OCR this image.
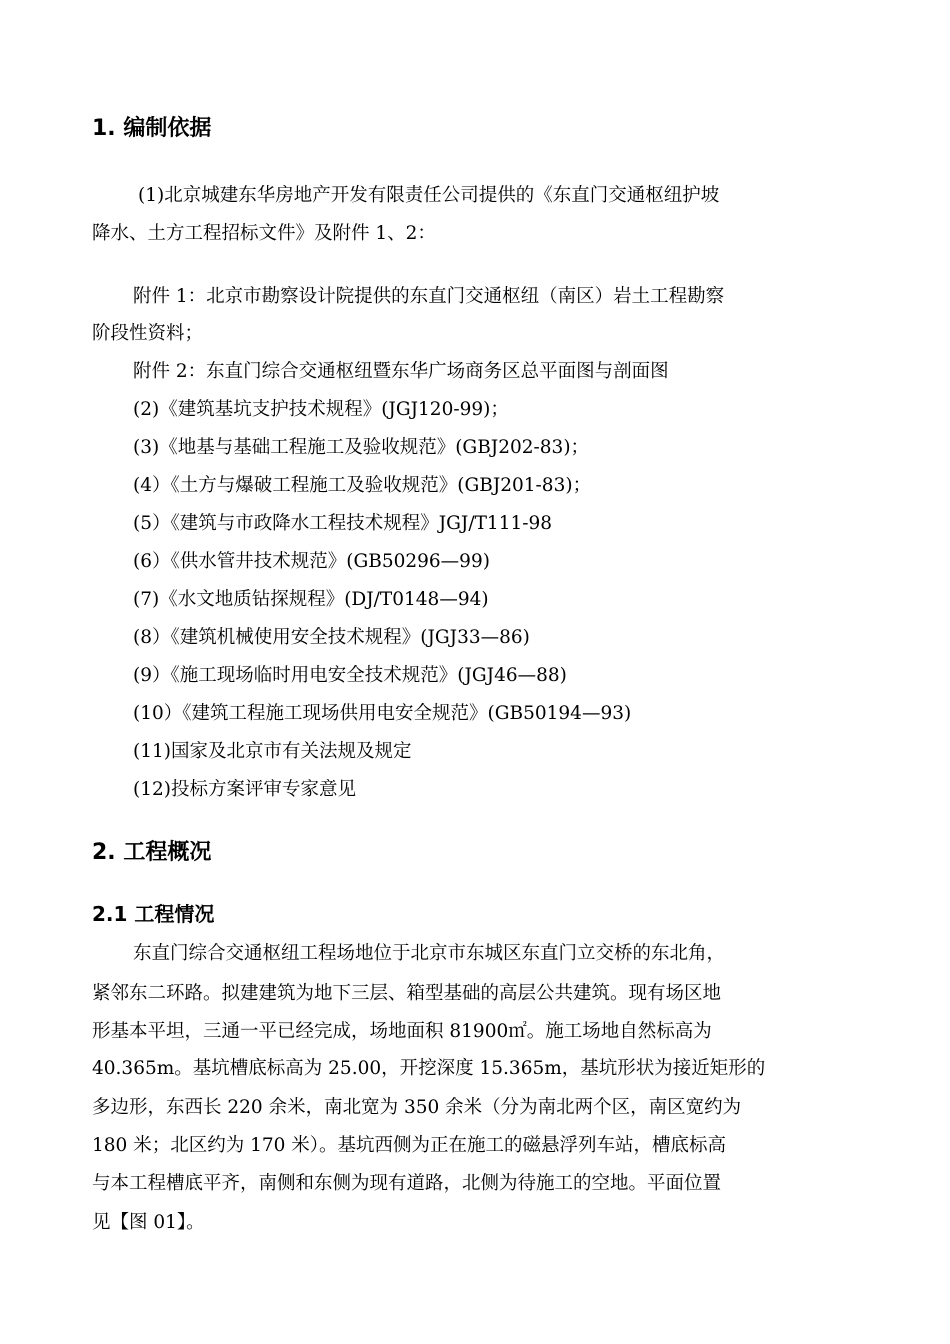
1. 编制依据
(1)北京城建东华房地产开发有限责任公司提供的《东直门交通枢纽护坡
降水、土方工程招标文件》及附件 1、2：
附件 1：北京市勘察设计院提供的东直门交通枢纽（南区）岩土工程勘察
阶段性资料；
附件 2：东直门综合交通枢纽暨东华广场商务区总平面图与剖面图
(2)《建筑基坑支护技术规程》(JGJ120-99)；
(3)《地基与基础工程施工及验收规范》(GBJ202-83)；
(4）《土方与爆破工程施工及验收规范》(GBJ201-83)；
(5）《建筑与市政降水工程技术规程》JGJ/T111-98
(6）《供水管井技术规范》(GB50296—99)
(7)《水文地质钻探规程》(DJ/T0148—94)
(8）《建筑机械使用安全技术规程》(JGJ33—86)
(9）《施工现场临时用电安全技术规范》(JGJ46—88)
(10）《建筑工程施工现场供用电安全规范》(GB50194—93)
(11)国家及北京市有关法规及规定
(12)投标方案评审专家意见
2. 工程概况
2.1 工程情况
东直门综合交通枢纽工程场地位于北京市东城区东直门立交桥的东北角，
紧邻东二环路。拟建建筑为地下三层、箱型基础的高层公共建筑。现有场区地
形基本平坦，三通一平已经完成，场地面积 81900㎡。施工场地自然标高为
40.365m。基坑槽底标高为 25.00，开挖深度 15.365m，基坑形状为接近矩形的
多边形，东西长 220 余米，南北宽为 350 余米（分为南北两个区，南区宽约为
180 米；北区约为 170 米）。基坑西侧为正在施工的磁悬浮列车站，槽底标高
与本工程槽底平齐，南侧和东侧为现有道路，北侧为待施工的空地。平面位置
见【图 01】。
